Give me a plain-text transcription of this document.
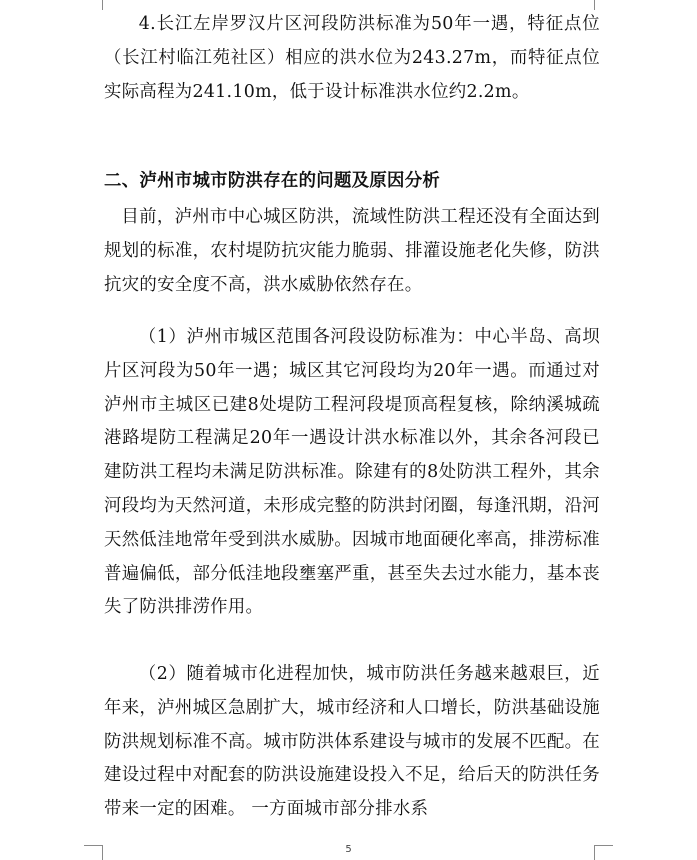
4.长江左岸罗汉片区河段防洪标准为50年一遇，特征点位（长江村临江苑社区）相应的洪水位为243.27m，而特征点位实际高程为241.10m，低于设计标准洪水位约2.2m。

二、泸州市城市防洪存在的问题及原因分析

目前，泸州市中心城区防洪，流域性防洪工程还没有全面达到规划的标准，农村堤防抗灾能力脆弱、排灌设施老化失修，防洪抗灾的安全度不高，洪水威胁依然存在。

（1）泸州市城区范围各河段设防标准为：中心半岛、高坝片区河段为50年一遇；城区其它河段均为20年一遇。而通过对泸州市主城区已建8处堤防工程河段堤顶高程复核，除纳溪城疏港路堤防工程满足20年一遇设计洪水标准以外，其余各河段已建防洪工程均未满足防洪标准。除建有的8处防洪工程外，其余河段均为天然河道，未形成完整的防洪封闭圈，每逢汛期，沿河天然低洼地常年受到洪水威胁。因城市地面硬化率高，排涝标准普遍偏低，部分低洼地段壅塞严重，甚至失去过水能力，基本丧失了防洪排涝作用。

（2）随着城市化进程加快，城市防洪任务越来越艰巨，近年来，泸州城区急剧扩大，城市经济和人口增长，防洪基础设施防洪规划标准不高。城市防洪体系建设与城市的发展不匹配。在建设过程中对配套的防洪设施建设投入不足，给后天的防洪任务带来一定的困难。 一方面城市部分排水系

5
